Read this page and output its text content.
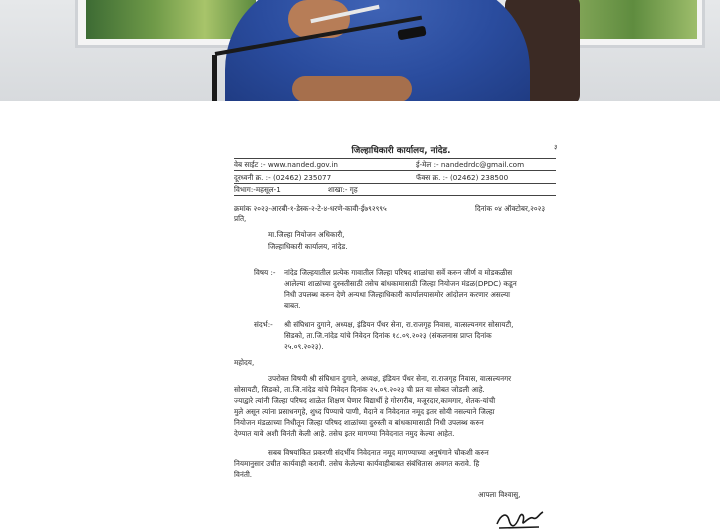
३
जिल्हाधिकारी कार्यालय, नांदेड.
वेब साईट :- www.nanded.gov.in	ई-मेल :- nandedrdc@gmail.com
दूरध्वनी क्र. :- (02462) 235077	फॅक्स क्र. :- (02462) 238500
विभाग:-महसूल-1	शाखा:- गृह
क्रमांक २०२३-आरबी-१-डेस्क-२-टे-४-धरणे-कावी-ई७९२९९५	दिनांक ०४ ऑक्टोबर,२०२३
प्रति,
मा.जिल्हा नियोजन अधिकारी,
जिल्हाधिकारी कार्यालय, नांदेड.
विषय :- नांदेड जिल्हयातील प्रत्येक गावातील जिल्हा परिषद शाळांचा सर्वे करुन जीर्ण व मोडकळीस
आलेल्या शाळांच्या दुरुस्तीसाठी तसेच बांधकामासाठी जिल्हा नियोजन मंडळ(DPDC) कडून
निधी उपलब्ध करुन देणे अन्यथा जिल्हाधिकारी कार्यालयासमोर आंदोलन करणार असल्या
बाबत.
संदर्भ:- श्री संघिधान दुगाने, अध्यक्ष, इंडियन पँथर सेना, रा.राजगृह निवास, वात्सल्यनगर सोसायटी,
सिडको, ता.जि.नांदेड यांचे निवेदन दिनांक १८.०९.२०२३ (संकलनास प्राप्त दिनांक
२५.०९.२०२३).
महोदय,
उपरोक्त विषयी श्री संघिधान दुगाने, अध्यक्ष, इंडियन पँथर सेना, रा.राजगृह निवास, वात्सल्यनगर
सोसायटी, सिडको, ता.जि.नांदेड यांचे निवेदन दिनांक २५.०९.२०२३ ची प्रत या सोबत जोडली आहे.
ज्याद्वारे त्यांनी जिल्हा परिषद शाळेत शिक्षण घेणार विद्यार्थी हे गोरगरीब, मजूरदार,कामगार, शेतक-यांची
मुले असून त्यांना प्रसाधनगृहे, शुध्द पिण्याचे पाणी, मैदाने व निवेदनात नमूद इतर सोयी नसल्याने जिल्हा
नियोजन मंडळाच्या निधीतून जिल्हा परिषद शाळांच्या दुरुस्ती व बांधकामासाठी निधी उपलब्ध करुन
देण्यात यावे अशी विनंती केली आहे. तसेच इतर मागण्या निवेदनात नमुद केल्या आहेत.
सबब विषयांकित प्रकरणी संदर्भीय निवेदनात नमूद मागण्याच्या अनुषंगाने चौकशी करुन
नियमानुसार उचीत कार्यवाही करावी. तसेच केलेल्या कार्यवाहीबाबत संबंधितास अवगत करावे. हि
विनंती.
आपला विश्वासु,
